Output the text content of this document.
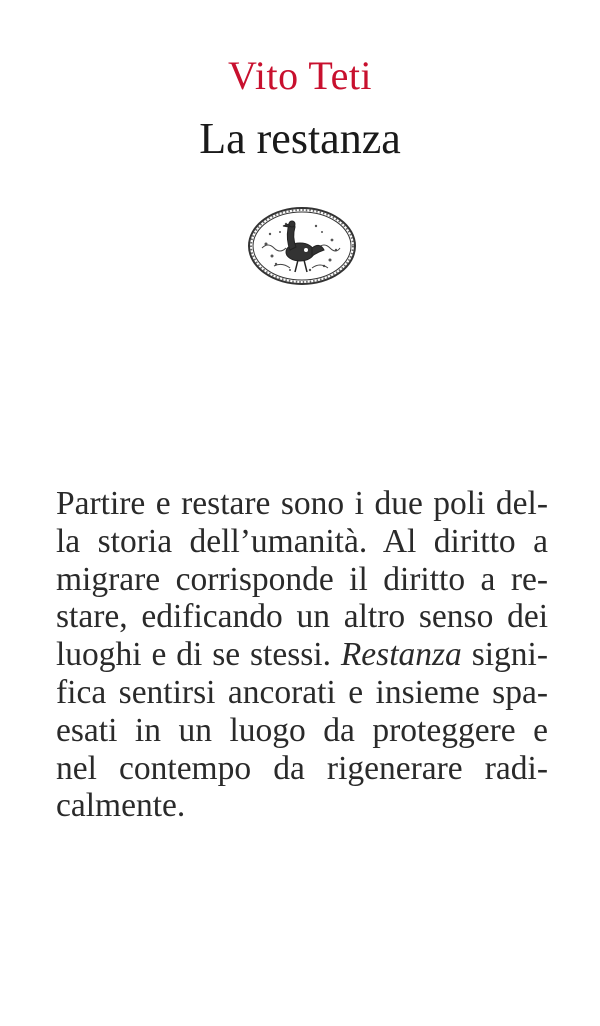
Vito Teti
La restanza
Partire e restare sono i due poli del-
la storia dell’umanità. Al diritto a
migrare corrisponde il diritto a re-
stare, edificando un altro senso dei
luoghi e di se stessi. Restanza signi-
fica sentirsi ancorati e insieme spa-
esati in un luogo da proteggere e
nel contempo da rigenerare radi-
calmente.
